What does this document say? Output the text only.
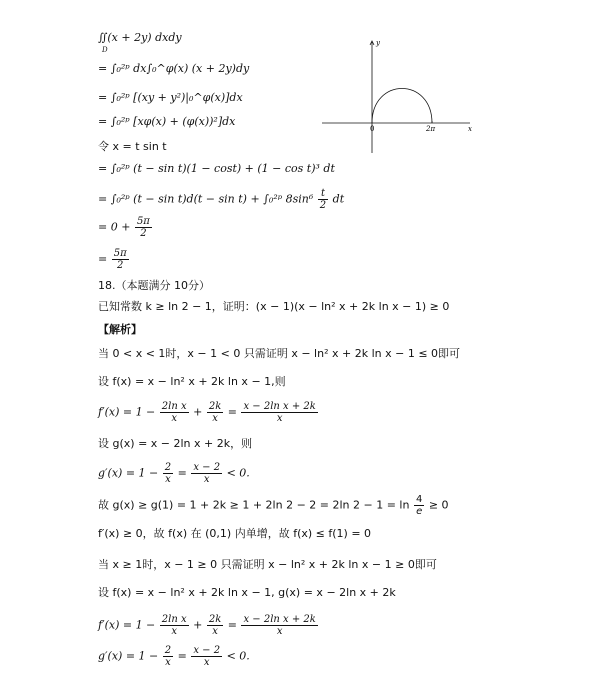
∬(x + 2y) dxdy
D
= ∫₀²ᵖ dx∫₀^φ(x) (x + 2y)dy
= ∫₀²ᵖ [(xy + y²)|₀^φ(x)]dx
= ∫₀²ᵖ [xφ(x) + (φ(x))²]dx
令 x = t sin t
= ∫₀²ᵖ (t − sin t)(1 − cost) + (1 − cos t)³ dt
= ∫₀²ᵖ (t − sin t)d(t − sin t) + ∫₀²ᵖ $8\sin^6 \frac{t}{2}$ dt
= $0 + \frac{5\pi}{2}$
= $\frac{5\pi}{2}$
y
x
0	2π
18.（本题满分 10分）
已知常数 k ≥ ln 2 − 1，证明：(x − 1)(x − ln² x + 2k ln x − 1) ≥ 0
【解析】
当 0 < x < 1时，x − 1 < 0 只需证明 x − ln² x + 2k ln x − 1 ≤ 0即可
设 f(x) = x − ln² x + 2k ln x − 1,则
$f'(x) = 1 - \frac{\text{2ln x}}{x} + \frac{2k}{x} = \frac{\text{x − 2ln x + 2k}}{x}$
设 g(x) = x − 2ln x + 2k，则
$g'(x) = 1 - \frac{2}{x} = \frac{x - 2}{x} < 0$.
故 g(x) ≥ g(1) = 1 + 2k ≥ 1 + 2ln 2 − 2 = 2ln $2 - 1 = \ln \frac{4}{e} \ge 0$
f′(x) ≥ 0，故 f(x) 在 (0,1) 内单增，故 f(x) ≤ f(1) = 0
当 x ≥ 1时，x − 1 ≥ 0 只需证明 x − ln² x + 2k ln x − 1 ≥ 0即可
设 f(x) = x − ln² x + 2k ln x − 1, g(x) = x − 2ln x + 2k
$f'(x) = 1 - \frac{\text{2ln x}}{x} + \frac{2k}{x} = \frac{\text{x − 2ln x + 2k}}{x}$
$g'(x) = 1 - \frac{2}{x} = \frac{x - 2}{x} < 0$.
